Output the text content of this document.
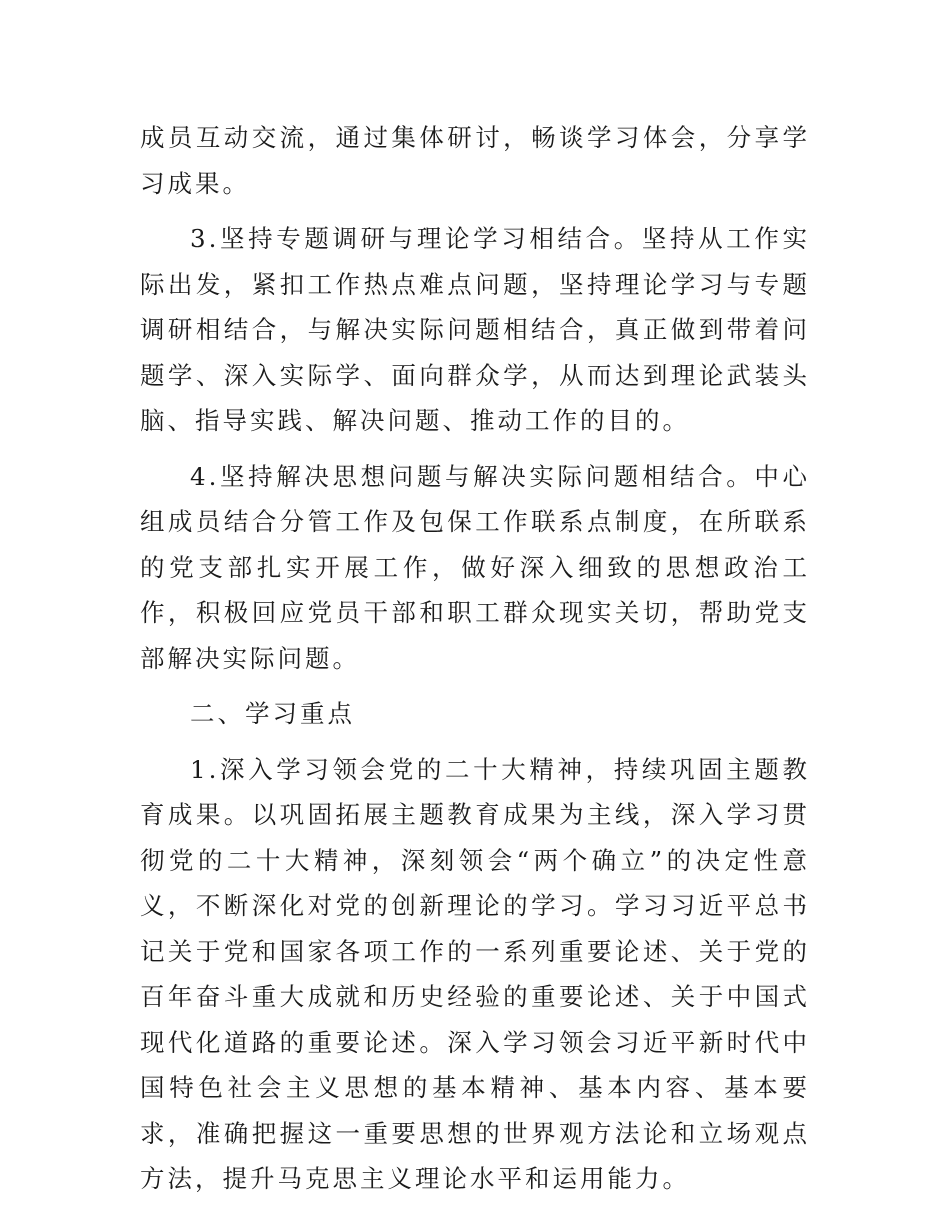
成员互动交流，通过集体研讨，畅谈学习体会，分享学习成果。

3.坚持专题调研与理论学习相结合。坚持从工作实际出发，紧扣工作热点难点问题，坚持理论学习与专题调研相结合，与解决实际问题相结合，真正做到带着问题学、深入实际学、面向群众学，从而达到理论武装头脑、指导实践、解决问题、推动工作的目的。

4.坚持解决思想问题与解决实际问题相结合。中心组成员结合分管工作及包保工作联系点制度，在所联系的党支部扎实开展工作，做好深入细致的思想政治工作，积极回应党员干部和职工群众现实关切，帮助党支部解决实际问题。

二、学习重点

1.深入学习领会党的二十大精神，持续巩固主题教育成果。以巩固拓展主题教育成果为主线，深入学习贯彻党的二十大精神，深刻领会“两个确立”的决定性意义，不断深化对党的创新理论的学习。学习习近平总书记关于党和国家各项工作的一系列重要论述、关于党的百年奋斗重大成就和历史经验的重要论述、关于中国式现代化道路的重要论述。深入学习领会习近平新时代中国特色社会主义思想的基本精神、基本内容、基本要求，准确把握这一重要思想的世界观方法论和立场观点方法，提升马克思主义理论水平和运用能力。
